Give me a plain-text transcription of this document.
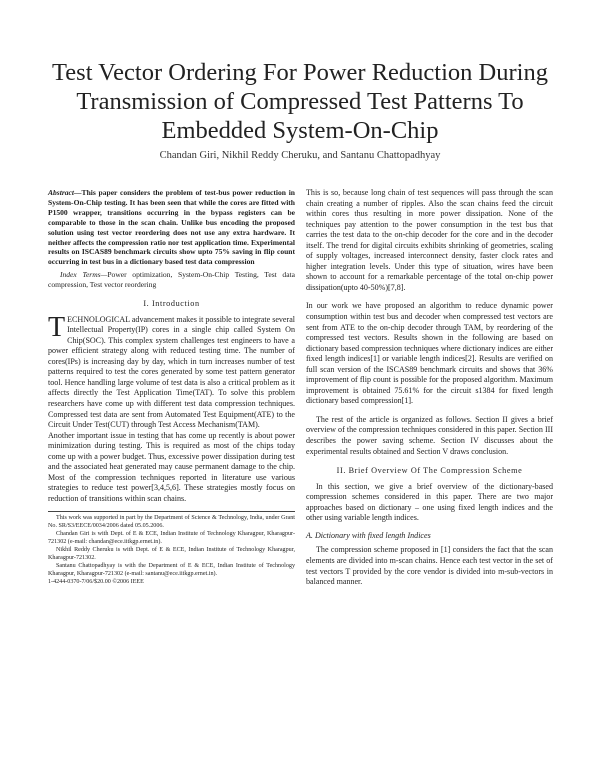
Test Vector Ordering For Power Reduction During Transmission of Compressed Test Patterns To Embedded System-On-Chip
Chandan Giri, Nikhil Reddy Cheruku, and Santanu Chattopadhyay

Abstract—This paper considers the problem of test-bus power reduction in System-On-Chip testing. It has been seen that while the cores are fitted with P1500 wrapper, transitions occurring in the bypass registers can be comparable to those in the scan chain. Unlike bus encoding the proposed solution using test vector reordering does not use any extra hardware. It neither affects the compression ratio nor test application time. Experimental results on ISCAS89 benchmark circuits show upto 75% saving in flip count occurring in test bus in a dictionary based test data compression

Index Terms—Power optimization, System-On-Chip Testing, Test data compression, Test vector reordering

I. Introduction

TECHNOLOGICAL advancement makes it possible to integrate several Intellectual Property(IP) cores in a single chip called System On Chip(SOC). This complex system challenges test engineers to have a power efficient strategy along with reduced testing time. The number of cores(IPs) is increasing day by day, which in turn increases number of test patterns required to test the cores generated by some test pattern generator tool. Hence handling large volume of test data is also a critical problem as it affects directly the Test Application Time(TAT). To solve this problem researchers have come up with different test data compression techniques. Compressed test data are sent from Automated Test Equipment(ATE) to the Circuit Under Test(CUT) through Test Access Mechanism(TAM).

Another important issue in testing that has come up recently is about power minimization during testing. This is required as most of the chips today come up with a power budget. Thus, excessive power dissipation during test and the associated heat generated may cause permanent damage to the chip. Most of the compression techniques reported in literature use various strategies to reduce test power[3,4,5,6]. These strategies mostly focus on reduction of transitions within scan chains.

This work was supported in part by the Department of Science & Technology, India, under Grant No. SR/S3/EECE/0034/2006 dated 05.05.2006.

Chandan Giri is with Dept. of E & ECE, Indian Institute of Technology Kharagpur, Kharagpur-721302 (e-mail: chandan@ece.iitkgp.ernet.in).

Nikhil Reddy Cheruku is with Dept. of E & ECE, Indian Institute of Technology Kharagpur, Kharagpur-721302.

Santanu Chattopadhyay is with the Department of E & ECE, Indian Institute of Technology Kharagpur, Kharagpur-721302 (e-mail: santanu@ece.iitkgp.ernet.in).

1-4244-0370-7/06/$20.00 ©2006 IEEE

This is so, because long chain of test sequences will pass through the scan chain creating a number of ripples. Also the scan chains feed the circuit within cores thus resulting in more power dissipation. None of the techniques pay attention to the power consumption in the test bus that carries the test data to the on-chip decoder for the core and in the decoder itself. The trend for digital circuits exhibits shrinking of geometries, scaling of supply voltages, increased interconnect density, faster clock rates and higher integration levels. Under this type of situation, wires have been shown to account for a remarkable percentage of the total on-chip power dissipation(upto 40-50%)[7,8].

In our work we have proposed an algorithm to reduce dynamic power consumption within test bus and decoder when compressed test vectors are sent from ATE to the on-chip decoder through TAM, by reordering of the compressed test vectors. Results shown in the following are based on dictionary based compression techniques where dictionary indices are either fixed length indices[1] or variable length indices[2]. Results are verified on full scan version of the ISCAS89 benchmark circuits and shows that 36% improvement of flip count is possible for the proposed algorithm. Maximum improvement is obtained 75.61% for the circuit s1384 for fixed length dictionary based compression[1].

The rest of the article is organized as follows. Section II gives a brief overview of the compression techniques considered in this paper. Section III describes the power saving scheme. Section IV discusses about the experimental results obtained and Section V draws conclusion.

II. Brief Overview Of The Compression Scheme

In this section, we give a brief overview of the dictionary-based compression schemes considered in this paper. There are two major approaches based on dictionary – one using fixed length indices and the other using variable length indices.

A. Dictionary with fixed length Indices

The compression scheme proposed in [1] considers the fact that the scan elements are divided into m-scan chains. Hence each test vector in the set of test vectors T provided by the core vendor is divided into m-sub-vectors in balanced manner.
